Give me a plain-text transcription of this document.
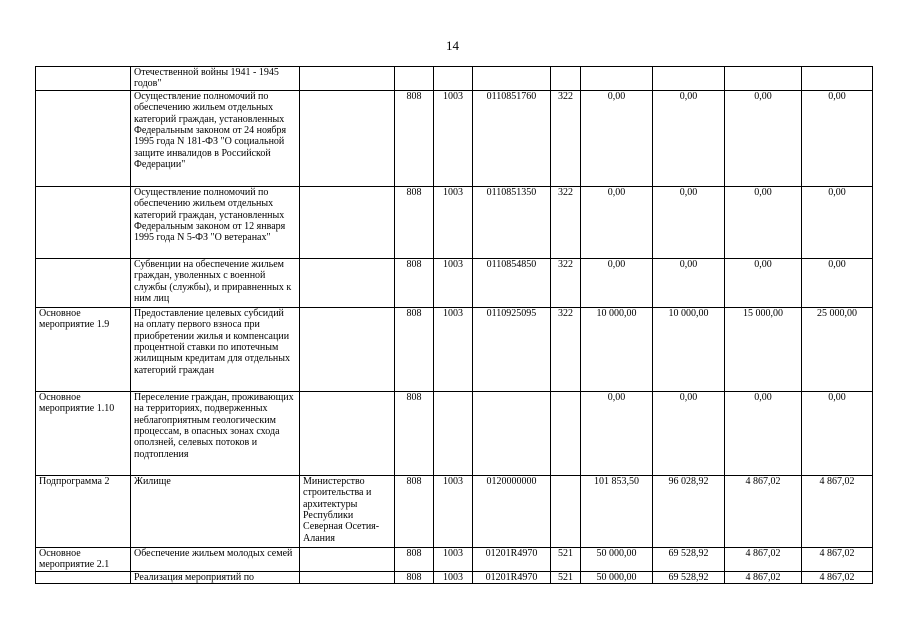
14
	Отечественной войны 1941 - 1945 годов"									
	Осуществление полномочий по обеспечению жильем отдельных категорий граждан, установленных Федеральным законом от 24 ноября 1995 года N 181-ФЗ "О социальной защите инвалидов в Российской Федерации"		808	1003	0110851760	322	0,00	0,00	0,00	0,00
	Осуществление полномочий по обеспечению жильем отдельных категорий граждан, установленных Федеральным законом от 12 января 1995 года N 5-ФЗ "О ветеранах"		808	1003	0110851350	322	0,00	0,00	0,00	0,00
	Субвенции на обеспечение жильем граждан, уволенных с военной службы (службы), и приравненных к ним лиц		808	1003	0110854850	322	0,00	0,00	0,00	0,00
Основное мероприятие 1.9	Предоставление целевых субсидий на оплату первого взноса при приобретении жилья и компенсации процентной ставки по ипотечным жилищным кредитам для отдельных категорий граждан		808	1003	0110925095	322	10 000,00	10 000,00	15 000,00	25 000,00
Основное мероприятие 1.10	Переселение граждан, проживающих на территориях, подверженных неблагоприятным геологическим процессам, в опасных зонах схода оползней, селевых потоков и подтопления		808				0,00	0,00	0,00	0,00
Подпрограмма 2	Жилище	Министерство строительства и архитектуры Республики Северная Осетия-Алания	808	1003	0120000000		101 853,50	96 028,92	4 867,02	4 867,02
Основное мероприятие 2.1	Обеспечение жильем молодых семей		808	1003	01201R4970	521	50 000,00	69 528,92	4 867,02	4 867,02
	Реализация мероприятий по		808	1003	01201R4970	521	50 000,00	69 528,92	4 867,02	4 867,02
